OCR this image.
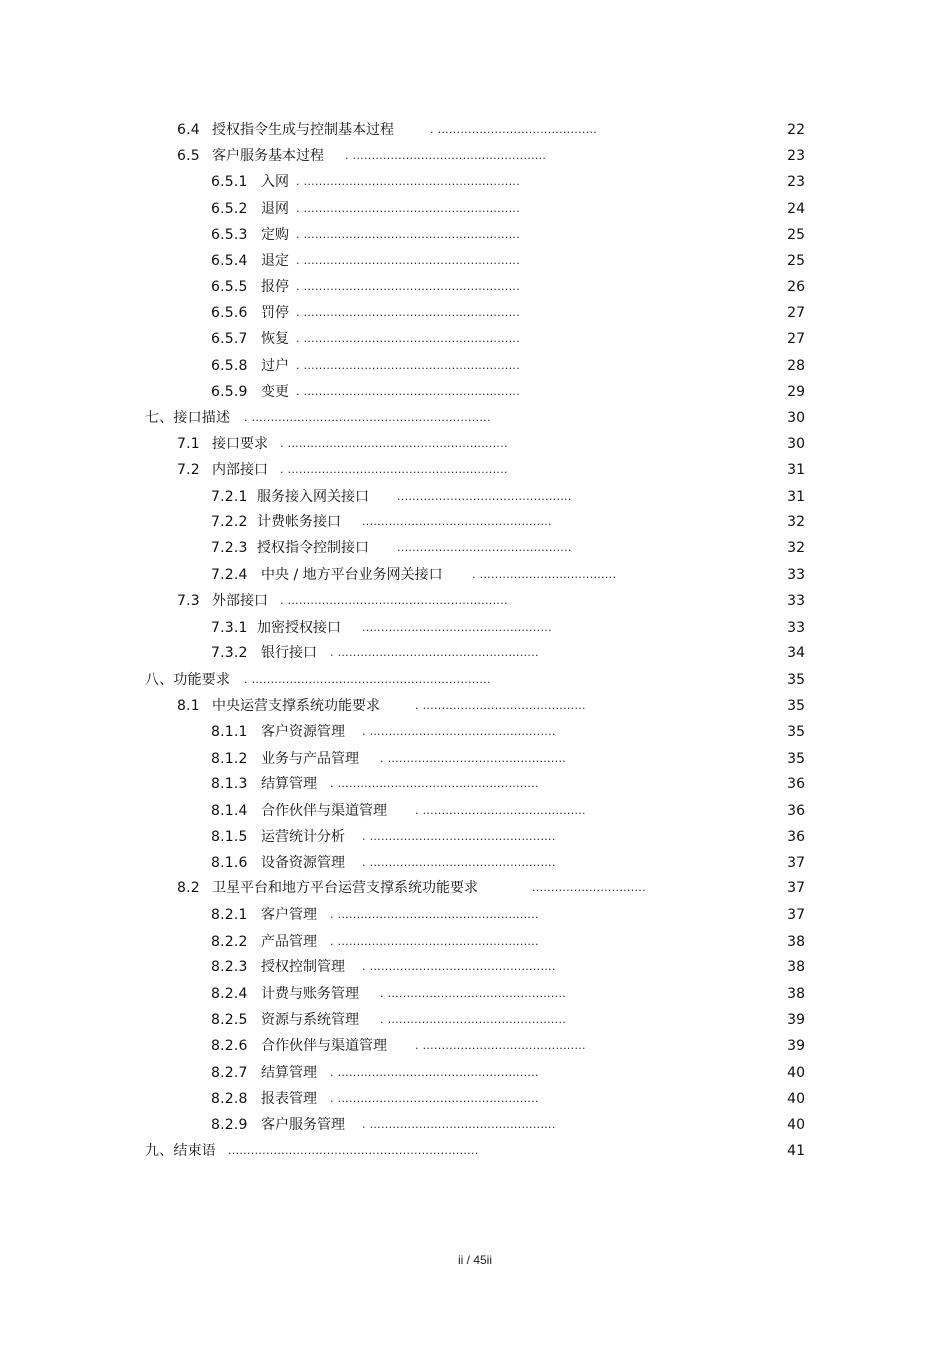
6.4 授权指令生成与控制基本过程	. ..........................................	22
6.5 客户服务基本过程 . ...................................................	23
6.5.1 入网 . .........................................................	23
6.5.2 退网 . .........................................................	24
6.5.3 定购 . .........................................................	25
6.5.4 退定 . .........................................................	25
6.5.5 报停 . .........................................................	26
6.5.6 罚停 . .........................................................	27
6.5.7 恢复 . .........................................................	27
6.5.8 过户 . .........................................................	28
6.5.9 变更 . .........................................................	29
七、接口描述 . ...............................................................	30
7.1 接口要求 . ..........................................................	30
7.2 内部接口 . ..........................................................	31
7.2.1 服务接入网关接口	..............................................	31
7.2.2 计费帐务接口 ..................................................	32
7.2.3 授权指令控制接口	..............................................	32
7.2.4 中央 / 地方平台业务网关接口	. ....................................	33
7.3 外部接口 . ..........................................................	33
7.3.1 加密授权接口 ..................................................	33
7.3.2 银行接口 . .....................................................	34
八、功能要求 . ...............................................................	35
8.1 中央运营支撑系统功能要求	. ...........................................	35
8.1.1 客户资源管理 . .................................................	35
8.1.2 业务与产品管理 . ...............................................	35
8.1.3 结算管理 . .....................................................	36
8.1.4 合作伙伴与渠道管理	. ...........................................	36
8.1.5 运营统计分析 . .................................................	36
8.1.6 设备资源管理 . .................................................	37
8.2 卫星平台和地方平台运营支撑系统功能要求	..............................	37
8.2.1 客户管理 . .....................................................	37
8.2.2 产品管理 . .....................................................	38
8.2.3 授权控制管理 . .................................................	38
8.2.4 计费与账务管理 . ...............................................	38
8.2.5 资源与系统管理 . ...............................................	39
8.2.6 合作伙伴与渠道管理	. ...........................................	39
8.2.7 结算管理 . .....................................................	40
8.2.8 报表管理 . .....................................................	40
8.2.9 客户服务管理 . .................................................	40
九、结束语 ..................................................................	41
ii / 45ii
